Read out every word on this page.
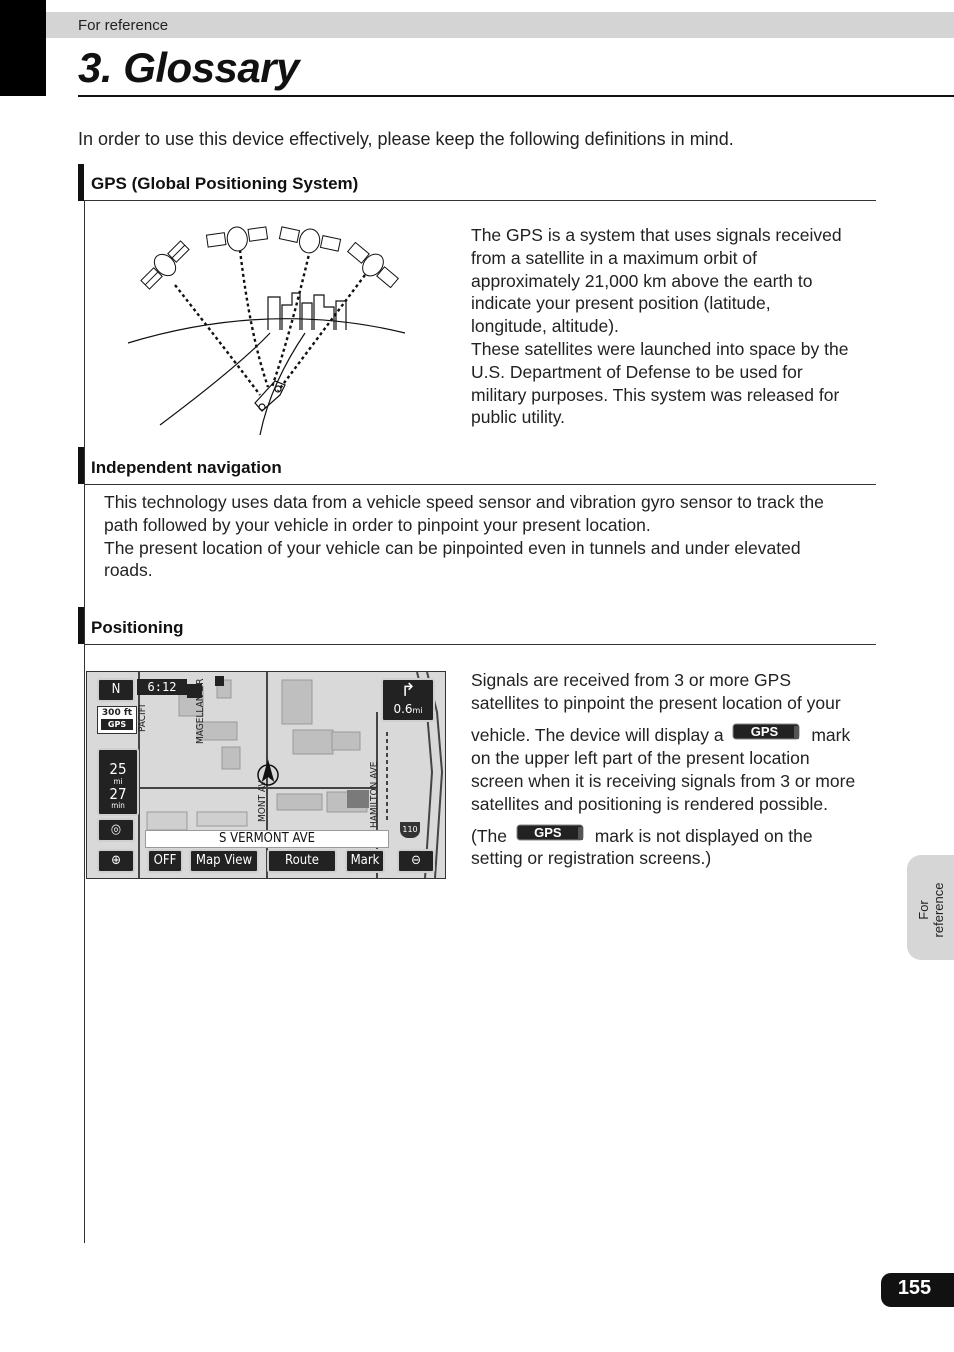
For reference
3. Glossary
In order to use this device effectively, please keep the following definitions in mind.
GPS (Global Positioning System)
The GPS is a system that uses signals received
from a satellite in a maximum orbit of
approximately 21,000 km above the earth to
indicate your present position (latitude,
longitude, altitude).
These satellites were launched into space by the
U.S. Department of Defense to be used for
military purposes. This system was released for
public utility.
Independent navigation
This technology uses data from a vehicle speed sensor and vibration gyro sensor to track the
path followed by your vehicle in order to pinpoint your present location.
The present location of your vehicle can be pinpointed even in tunnels and under elevated
roads.
Positioning
N	6:12
300 ft
GPS
25
mi
27
min
◎
↱
0.6mi
MAGELLAN DR
HAMILTON AVE
MONT AV
PACIFI
110
S VERMONT AVE
⊕	OFF	Map View	Route	Mark	⊖
Signals are received from 3 or more GPS
satellites to pinpoint the present location of your
vehicle. The device will display a	GPS	mark
on the upper left part of the present location
screen when it is receiving signals from 3 or more
satellites and positioning is rendered possible.
(The	GPS	mark is not displayed on the
setting or registration screens.)
For reference
155
